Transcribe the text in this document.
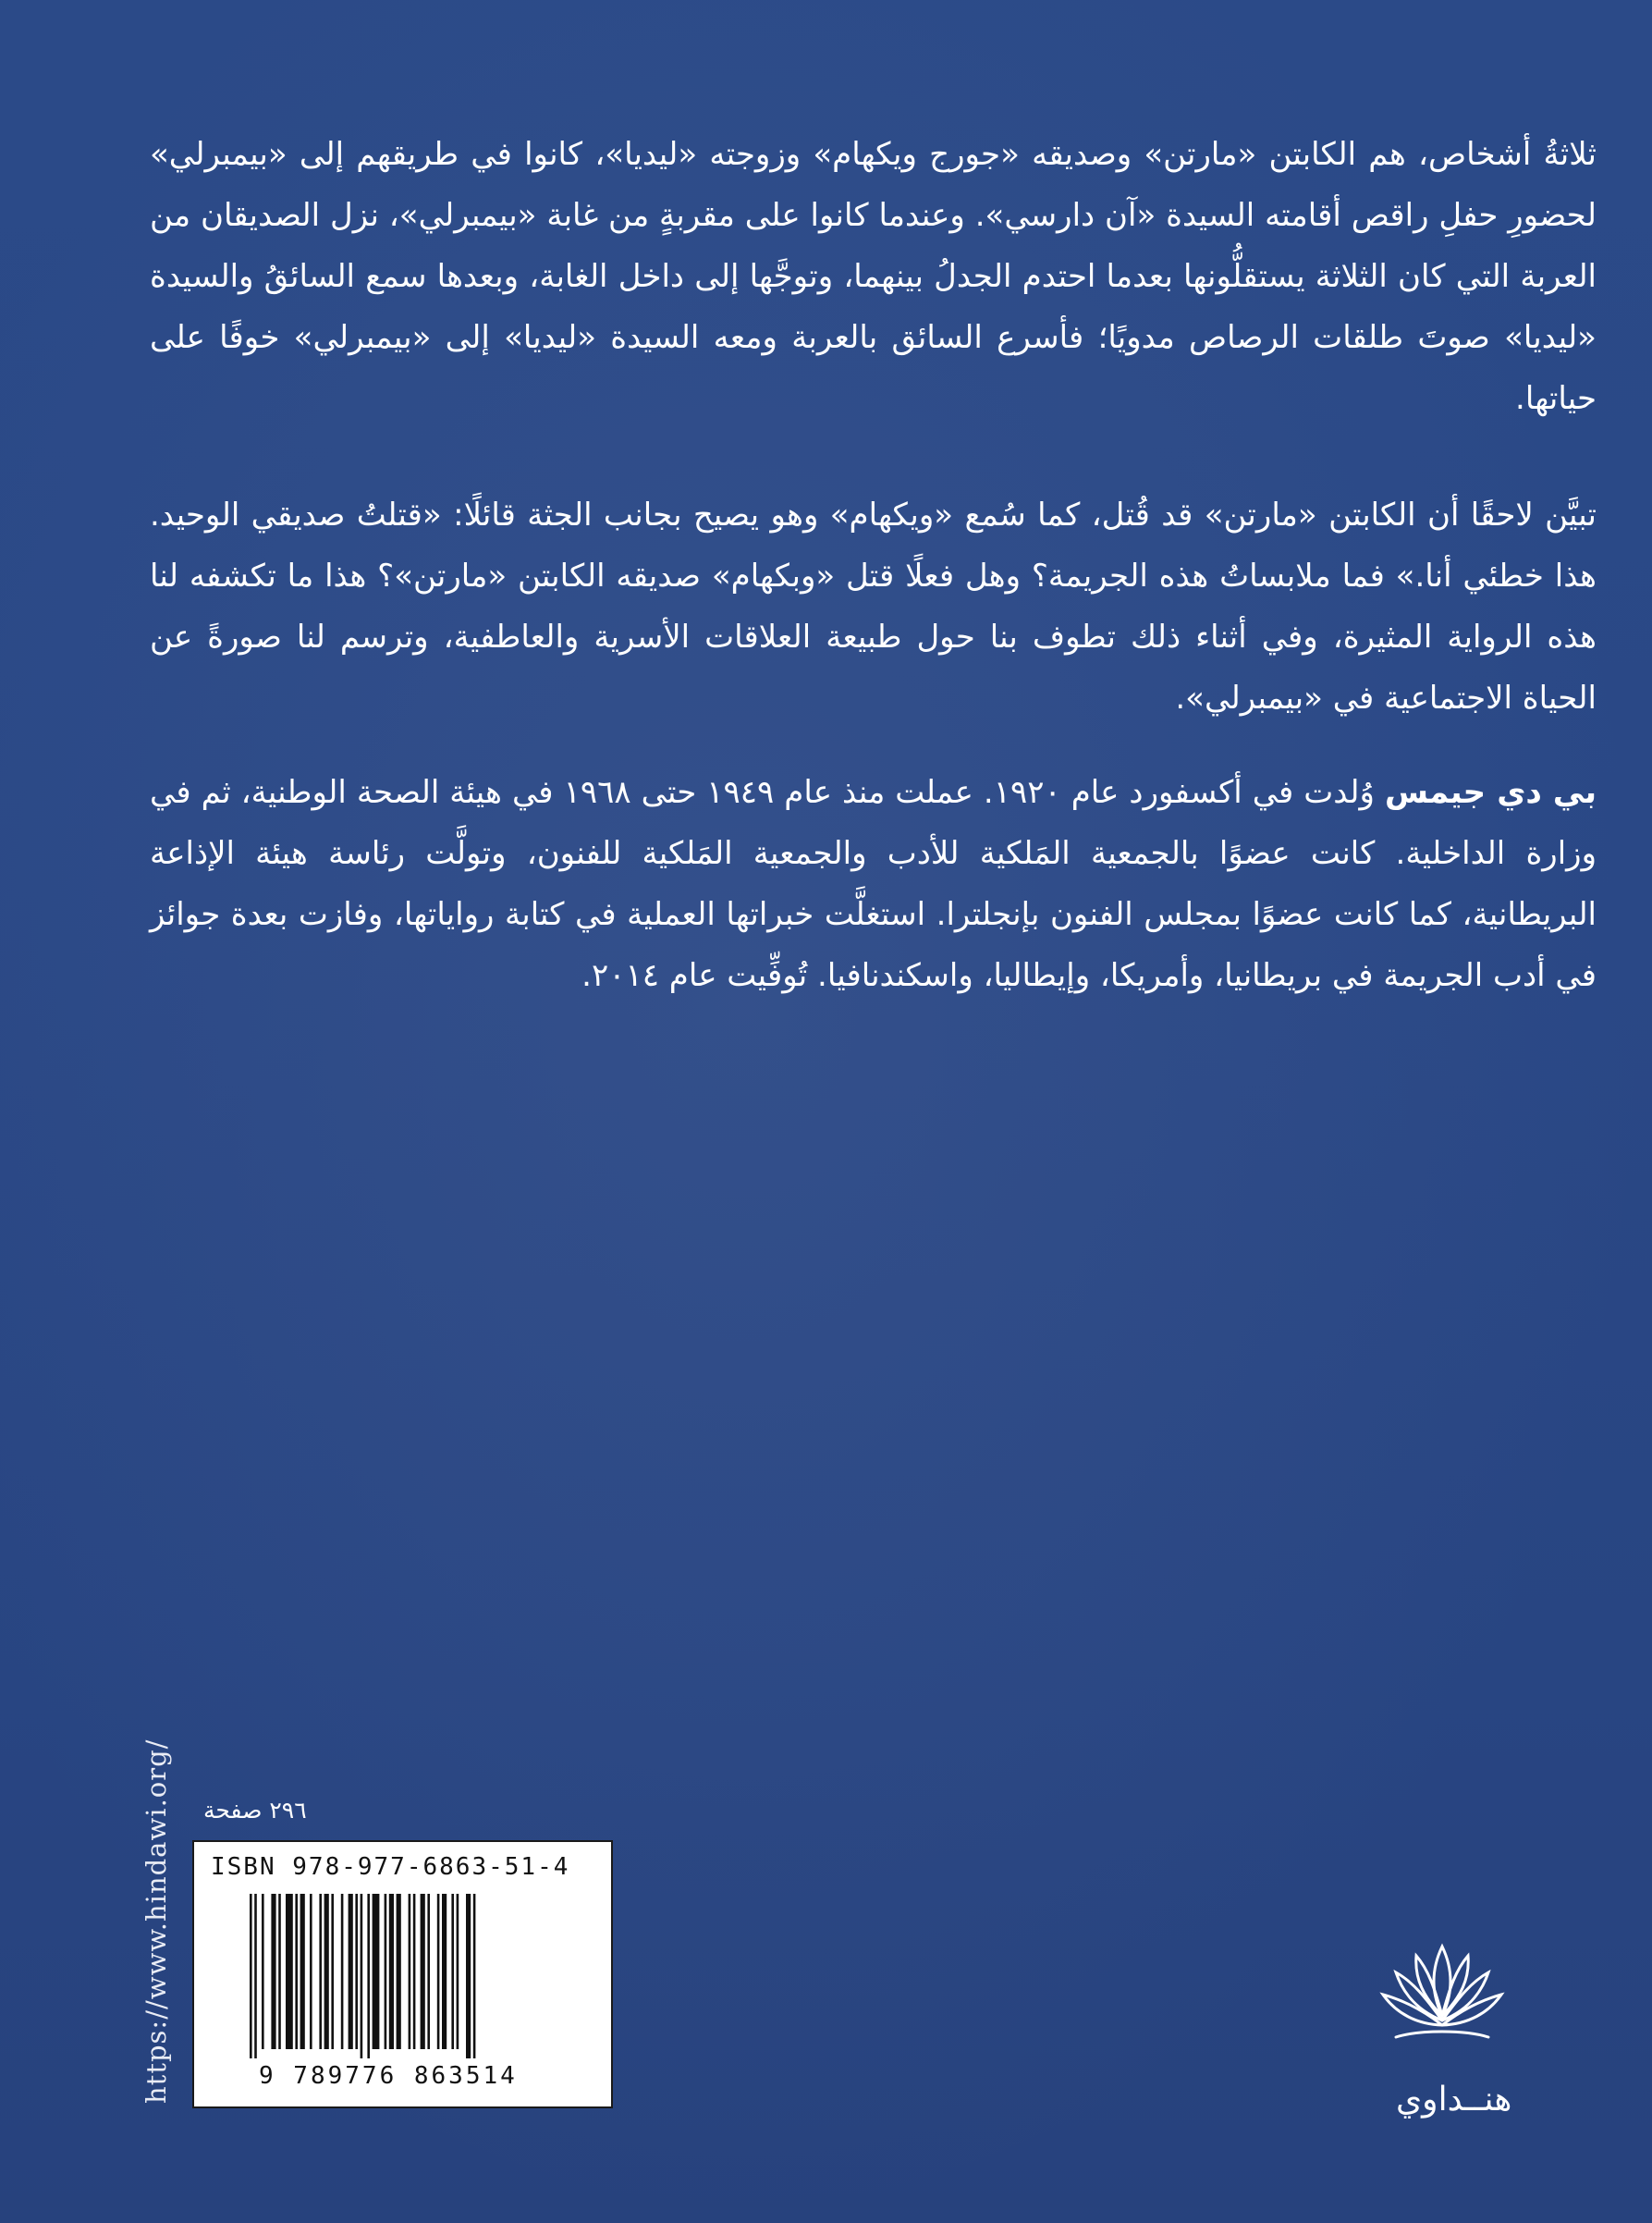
ثلاثةُ أشخاص، هم الكابتن «مارتن» وصديقه «جورج ويكهام» وزوجته «ليديا»، كانوا في طريقهم إلى «بيمبرلي» لحضورِ حفلِ راقص أقامته السيدة «آن دارسي». وعندما كانوا على مقربةٍ من غابة «بيمبرلي»، نزل الصديقان من العربة التي كان الثلاثة يستقلُّونها بعدما احتدم الجدلُ بينهما، وتوجَّها إلى داخل الغابة، وبعدها سمع السائقُ والسيدة «ليديا» صوتَ طلقات الرصاص مدويًا؛ فأسرع السائق بالعربة ومعه السيدة «ليديا» إلى «بيمبرلي» خوفًا على حياتها.

تبيَّن لاحقًا أن الكابتن «مارتن» قد قُتل، كما سُمع «ويكهام» وهو يصيح بجانب الجثة قائلًا: «قتلتُ صديقي الوحيد. هذا خطئي أنا.» فما ملابساتُ هذه الجريمة؟ وهل فعلًا قتل «وبكهام» صديقه الكابتن «مارتن»؟ هذا ما تكشفه لنا هذه الرواية المثيرة، وفي أثناء ذلك تطوف بنا حول طبيعة العلاقات الأسرية والعاطفية، وترسم لنا صورةً عن الحياة الاجتماعية في «بيمبرلي».

بي دي جيمس وُلدت في أكسفورد عام ١٩٢٠. عملت منذ عام ١٩٤٩ حتى ١٩٦٨ في هيئة الصحة الوطنية، ثم في وزارة الداخلية. كانت عضوًا بالجمعية المَلكية للأدب والجمعية المَلكية للفنون، وتولَّت رئاسة هيئة الإذاعة البريطانية، كما كانت عضوًا بمجلس الفنون بإنجلترا. استغلَّت خبراتها العملية في كتابة رواياتها، وفازت بعدة جوائز في أدب الجريمة في بريطانيا، وأمريكا، وإيطاليا، واسكندنافيا. تُوفِّيت عام ٢٠١٤.

https://www.hindawi.org/ ٢٩٦ صفحة
ISBN 978-977-6863-51-4
9 789776 863514
هنــداوي
